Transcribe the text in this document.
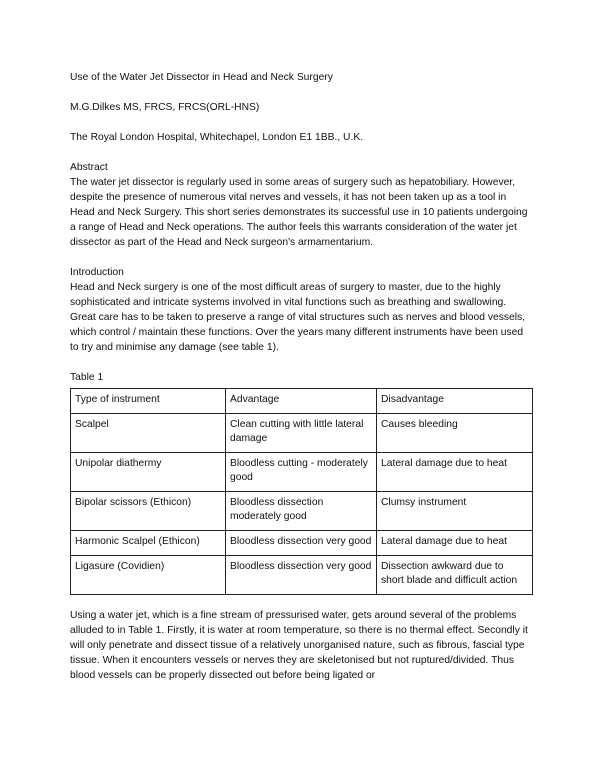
Use of the Water Jet Dissector in Head and Neck Surgery

M.G.Dilkes MS, FRCS, FRCS(ORL-HNS)

The Royal London Hospital, Whitechapel, London E1 1BB., U.K.

Abstract

The water jet dissector is regularly used in some areas of surgery such as hepatobiliary. However, despite the presence of numerous vital nerves and vessels, it has not been taken up as a tool in Head and Neck Surgery. This short series demonstrates its successful use in 10 patients undergoing a range of Head and Neck operations. The author feels this warrants consideration of the water jet dissector as part of the Head and Neck surgeon's armamentarium.

Introduction

Head and Neck surgery is one of the most difficult areas of surgery to master, due to the highly sophisticated and intricate systems involved in vital functions such as breathing and swallowing. Great care has to be taken to preserve a range of vital structures such as nerves and blood vessels, which control / maintain these functions. Over the years many different instruments have been used to try and minimise any damage (see table 1).

Table 1

Type of instrument	Advantage	Disadvantage
Scalpel	Clean cutting with little lateral damage	Causes bleeding
Unipolar diathermy	Bloodless cutting - moderately good	Lateral damage due to heat
Bipolar scissors (Ethicon)	Bloodless dissection moderately good	Clumsy instrument
Harmonic Scalpel (Ethicon)	Bloodless dissection very good	Lateral damage due to heat
Ligasure (Covidien)	Bloodless dissection very good	Dissection awkward due to short blade and difficult action

Using a water jet, which is a fine stream of pressurised water, gets around several of the problems alluded to in Table 1. Firstly, it is water at room temperature, so there is no thermal effect. Secondly it will only penetrate and dissect tissue of a relatively unorganised nature, such as fibrous, fascial type tissue. When it encounters vessels or nerves they are skeletonised but not ruptured/divided. Thus blood vessels can be properly dissected out before being ligated or
